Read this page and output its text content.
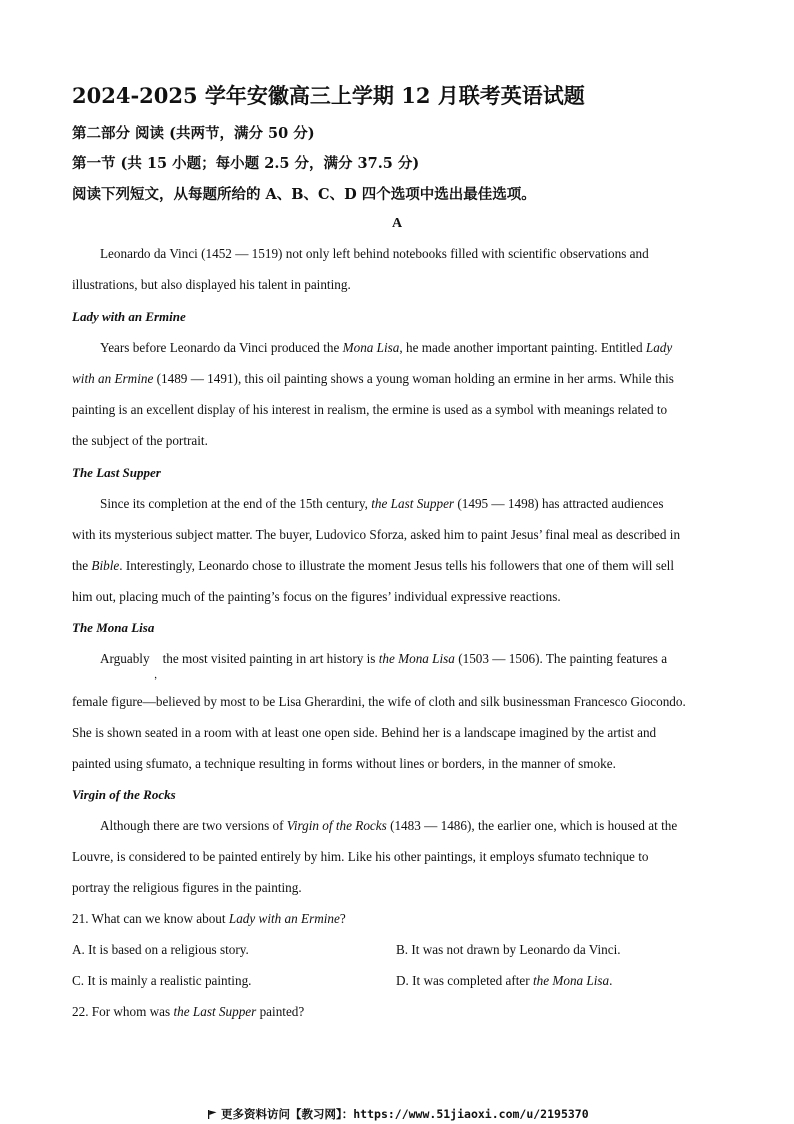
2024-2025 学年安徽高三上学期 12 月联考英语试题
第二部分 阅读 (共两节，满分 50 分)
第一节 (共 15 小题；每小题 2.5 分，满分 37.5 分)
阅读下列短文，从每题所给的 A、B、C、D 四个选项中选出最佳选项。
A
Leonardo da Vinci (1452 — 1519) not only left behind notebooks filled with scientific observations and
illustrations, but also displayed his talent in painting.
Lady with an Ermine
Years before Leonardo da Vinci produced the Mona Lisa, he made another important painting. Entitled Lady
with an Ermine (1489 — 1491), this oil painting shows a young woman holding an ermine in her arms. While this
painting is an excellent display of his interest in realism, the ermine is used as a symbol with meanings related to
the subject of the portrait.
The Last Supper
Since its completion at the end of the 15th century, the Last Supper (1495 — 1498) has attracted audiences
with its mysterious subject matter. The buyer, Ludovico Sforza, asked him to paint Jesus’ final meal as described in
the Bible. Interestingly, Leonardo chose to illustrate the moment Jesus tells his followers that one of them will sell
him out, placing much of the painting’s focus on the figures’ individual expressive reactions.
The Mona Lisa
Arguably the most visited painting in art history is the Mona Lisa (1503 — 1506). The painting features a
，
female figure—believed by most to be Lisa Gherardini, the wife of cloth and silk businessman Francesco Giocondo.
She is shown seated in a room with at least one open side. Behind her is a landscape imagined by the artist and
painted using sfumato, a technique resulting in forms without lines or borders, in the manner of smoke.
Virgin of the Rocks
Although there are two versions of Virgin of the Rocks (1483 — 1486), the earlier one, which is housed at the
Louvre, is considered to be painted entirely by him. Like his other paintings, it employs sfumato technique to
portray the religious figures in the painting.
21. What can we know about Lady with an Ermine?
A. It is based on a religious story.	B. It was not drawn by Leonardo da Vinci.
C. It is mainly a realistic painting.	D. It was completed after the Mona Lisa.
22. For whom was the Last Supper painted?
更多资料访问【教习网】：https://www.51jiaoxi.com/u/2195370
